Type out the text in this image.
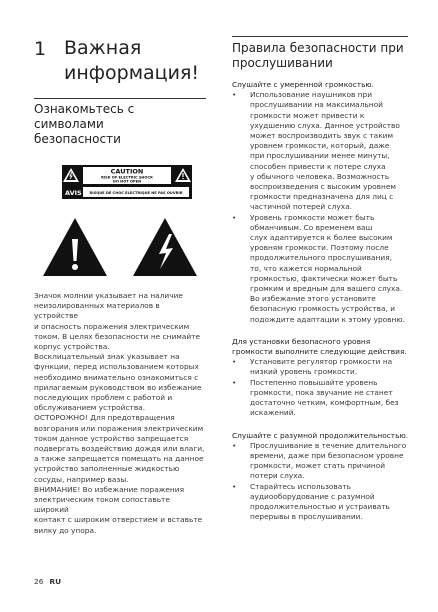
1 Важная
информация!
Ознакомьтесь с символами
безопасности
CAUTION
RISK OF ELECTRIC SHOCK
DO NOT OPEN
AVIS RISQUE DE CHOC ELECTRIQUE NE PAS OUVRIR

Значок молнии указывает на наличие

неизолированных материалов в устройстве

и опасность поражения электрическим

током. В целях безопасности не снимайте

корпус устройства.

Восклицательный знак указывает на

функции, перед использованием которых

необходимо внимательно ознакомиться с

прилагаемым руководством во избежание

последующих проблем с работой и

обслуживанием устройства.

ОСТОРОЖНО! Для предотвращения

возгорания или поражения электрическим

током данное устройство запрещается

подвергать воздействию дождя или влаги,

а также запрещается помещать на данное

устройство заполненные жидкостью

сосуды, например вазы.

ВНИМАНИЕ! Во избежание поражения

электрическим током сопоставьте широкий

контакт с широким отверстием и вставьте

вилку до упора.

Правила безопасности при
прослушивании
Слушайте с умеренной громкостью.
• Использование наушников при
прослушивании на максимальной
громкости может привести к
ухудшению слуха. Данное устройство
может воспроизводить звук с таким
уровнем громкости, который, даже
при прослушивании менее минуты,
способен привести к потере слуха
у обычного человека. Возможность
воспроизведения с высоким уровнем
громкости предназначена для лиц с
частичной потерей слуха.
• Уровень громкости может быть
обманчивым. Со временем ваш
слух адаптируется к более высоким
уровням громкости. Поэтому после
продолжительного прослушивания,
то, что кажется нормальной
громкостью, фактически может быть
громким и вредным для вашего слуха.
Во избежание этого установите
безопасную громкость устройства, и
подождите адаптации к этому уровню.
Для установки безопасного уровня
громкости выполните следующие действия.
• Установите регулятор громкости на
низкий уровень громкости.
• Постепенно повышайте уровень
громкости, пока звучание не станет
достаточно четким, комфортным, без
искажений.
Слушайте с разумной продолжительностью.
• Прослушивание в течение длительного
времени, даже при безопасном уровне
громкости, может стать причиной
потери слуха.
• Старайтесь использовать
аудиооборудование с разумной
продолжительностью и устраивать
перерывы в прослушивании.
26 RU
